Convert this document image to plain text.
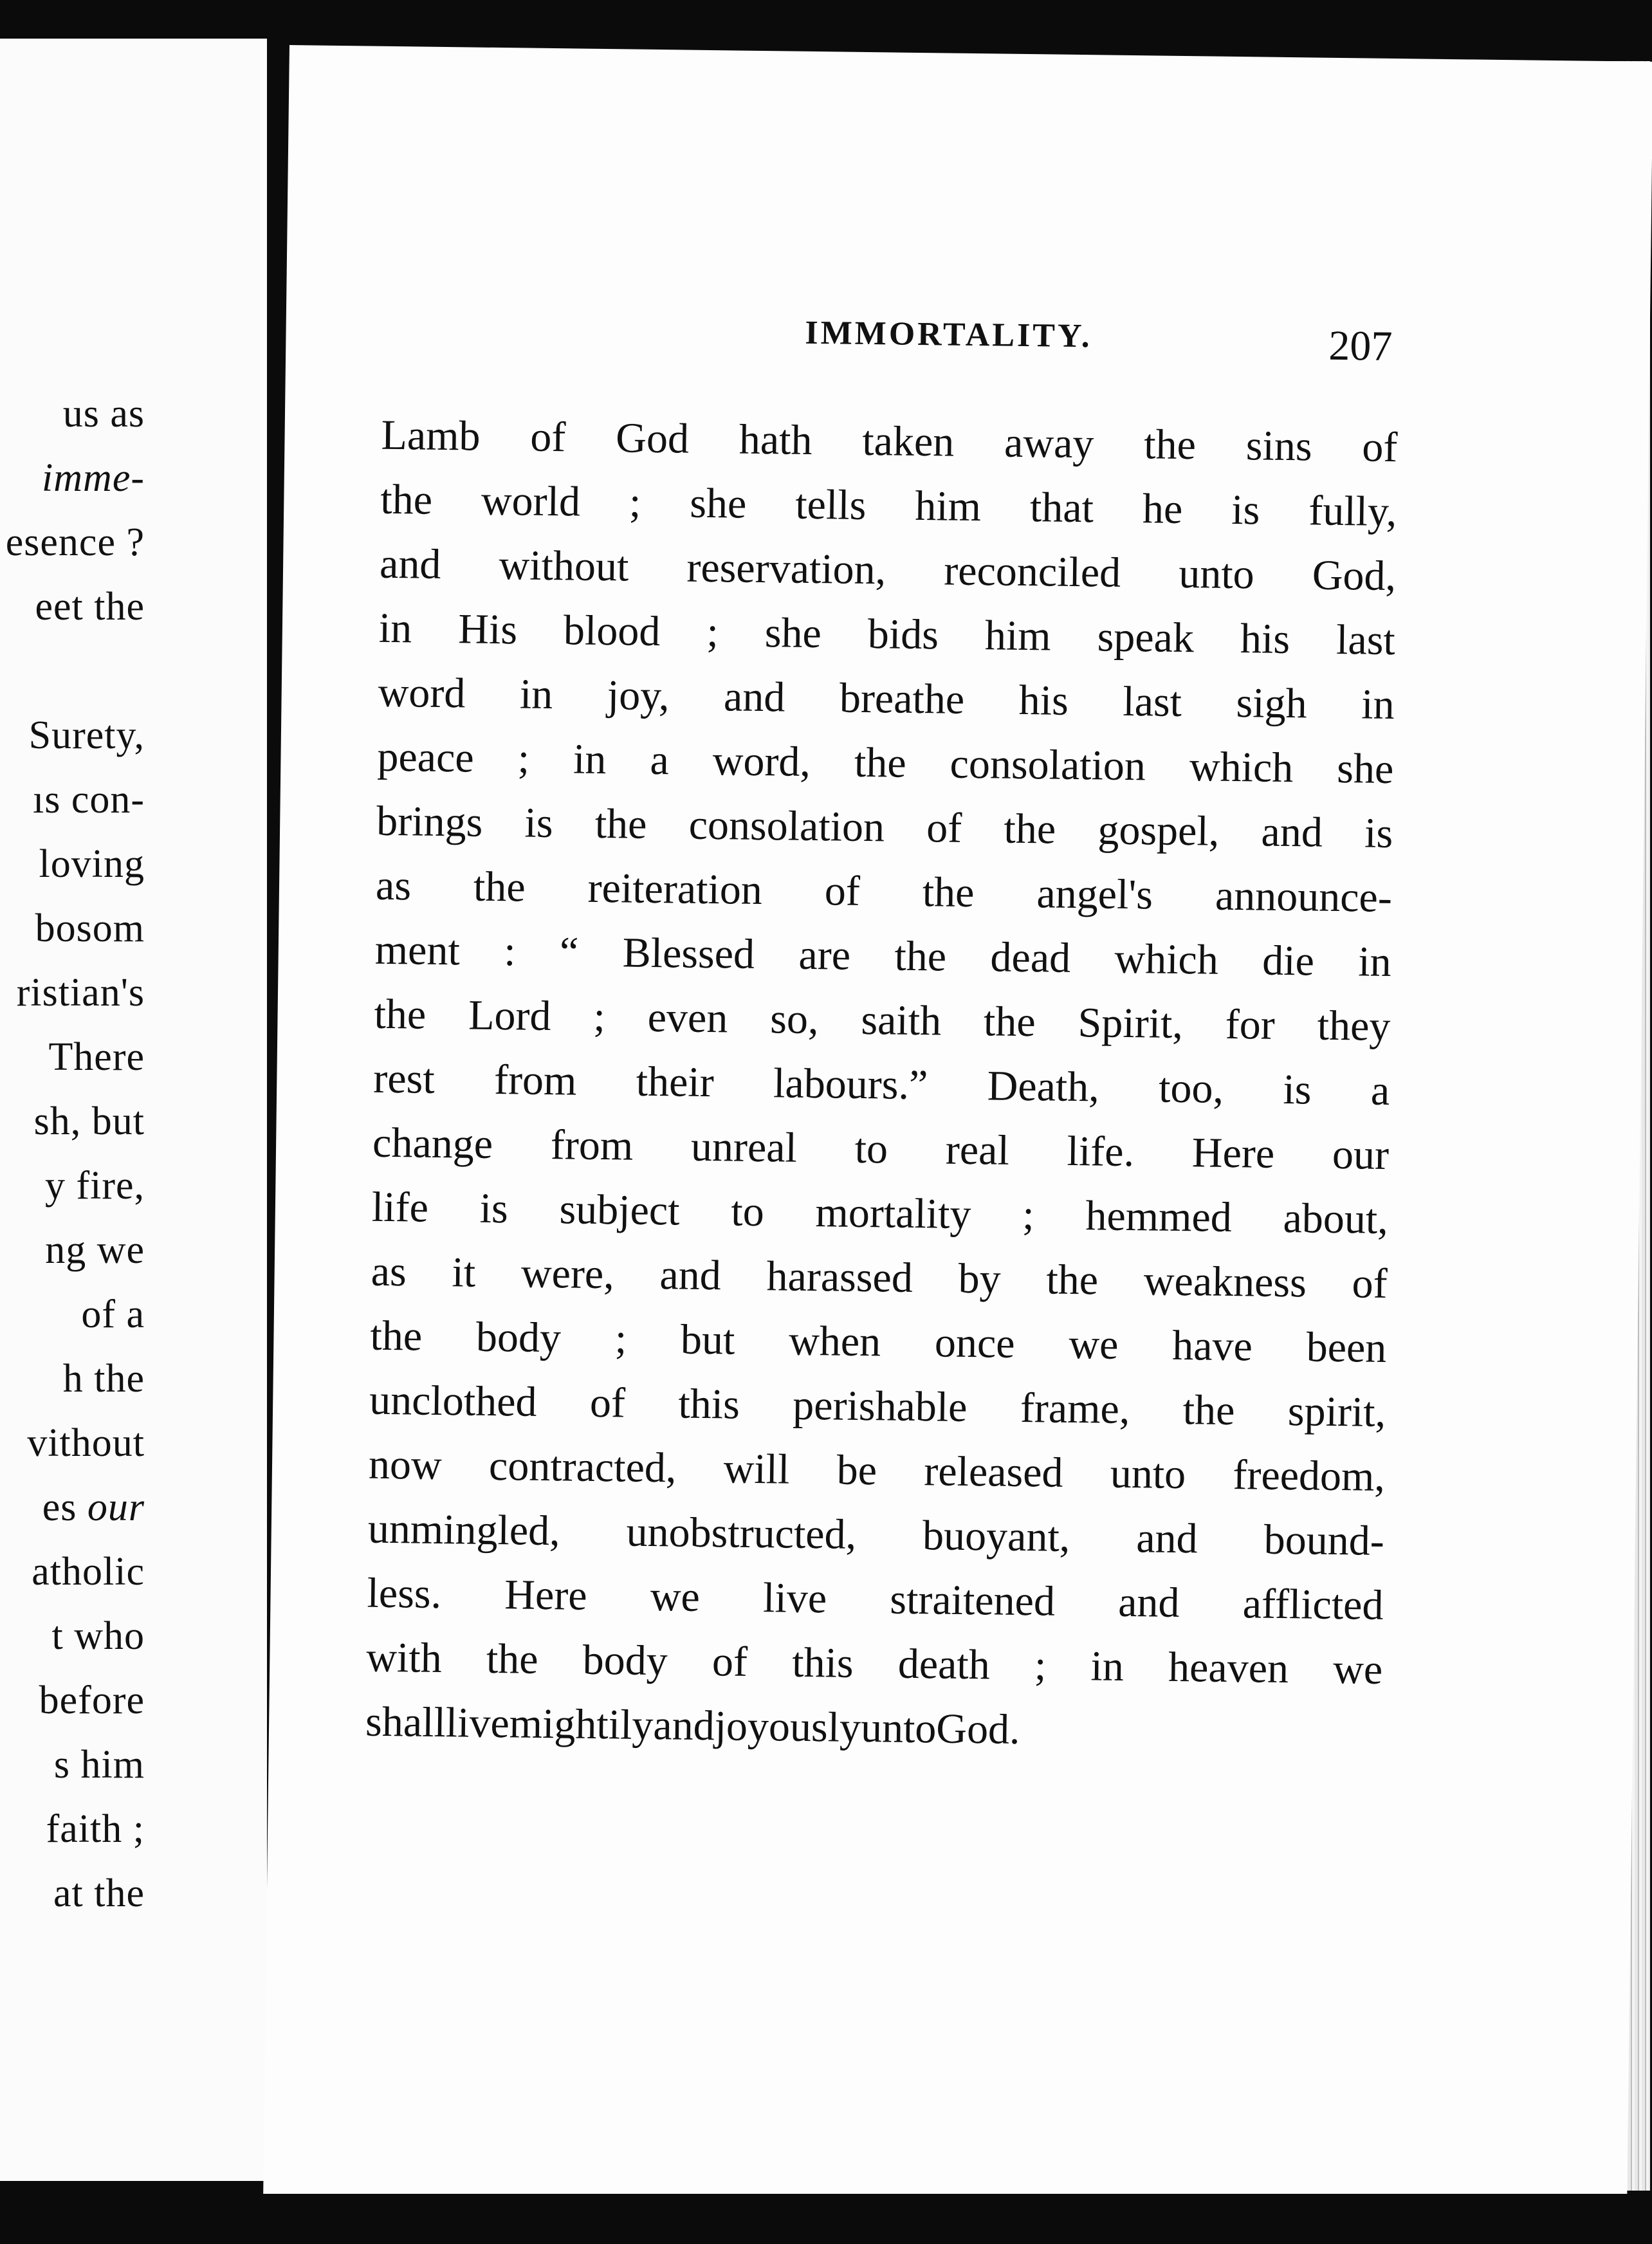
us as
imme-
esence ?
eet the
Surety,
ıs con-
loving
bosom
ristian's
There
sh, but
y fire,
ng we
of a
h the
vithout
es our
atholic
t who
before
s him
faith ;
at the
IMMORTALITY.	207
Lamb of God hath taken away the sins of
the world ; she tells him that he is fully,
and without reservation, reconciled unto God,
in His blood ; she bids him speak his last
word in joy, and breathe his last sigh in
peace ; in a word, the consolation which she
brings is the consolation of the gospel, and is
as the reiteration of the angel's announce-
ment : “ Blessed are the dead which die in
the Lord ; even so, saith the Spirit, for they
rest from their labours.” Death, too, is a
change from unreal to real life. Here our
life is subject to mortality ; hemmed about,
as it were, and harassed by the weakness of
the body ; but when once we have been
unclothed of this perishable frame, the spirit,
now contracted, will be released unto freedom,
unmingled, unobstructed, buoyant, and bound-
less. Here we live straitened and afflicted
with the body of this death ; in heaven we
shall live mightily and joyously unto God.
